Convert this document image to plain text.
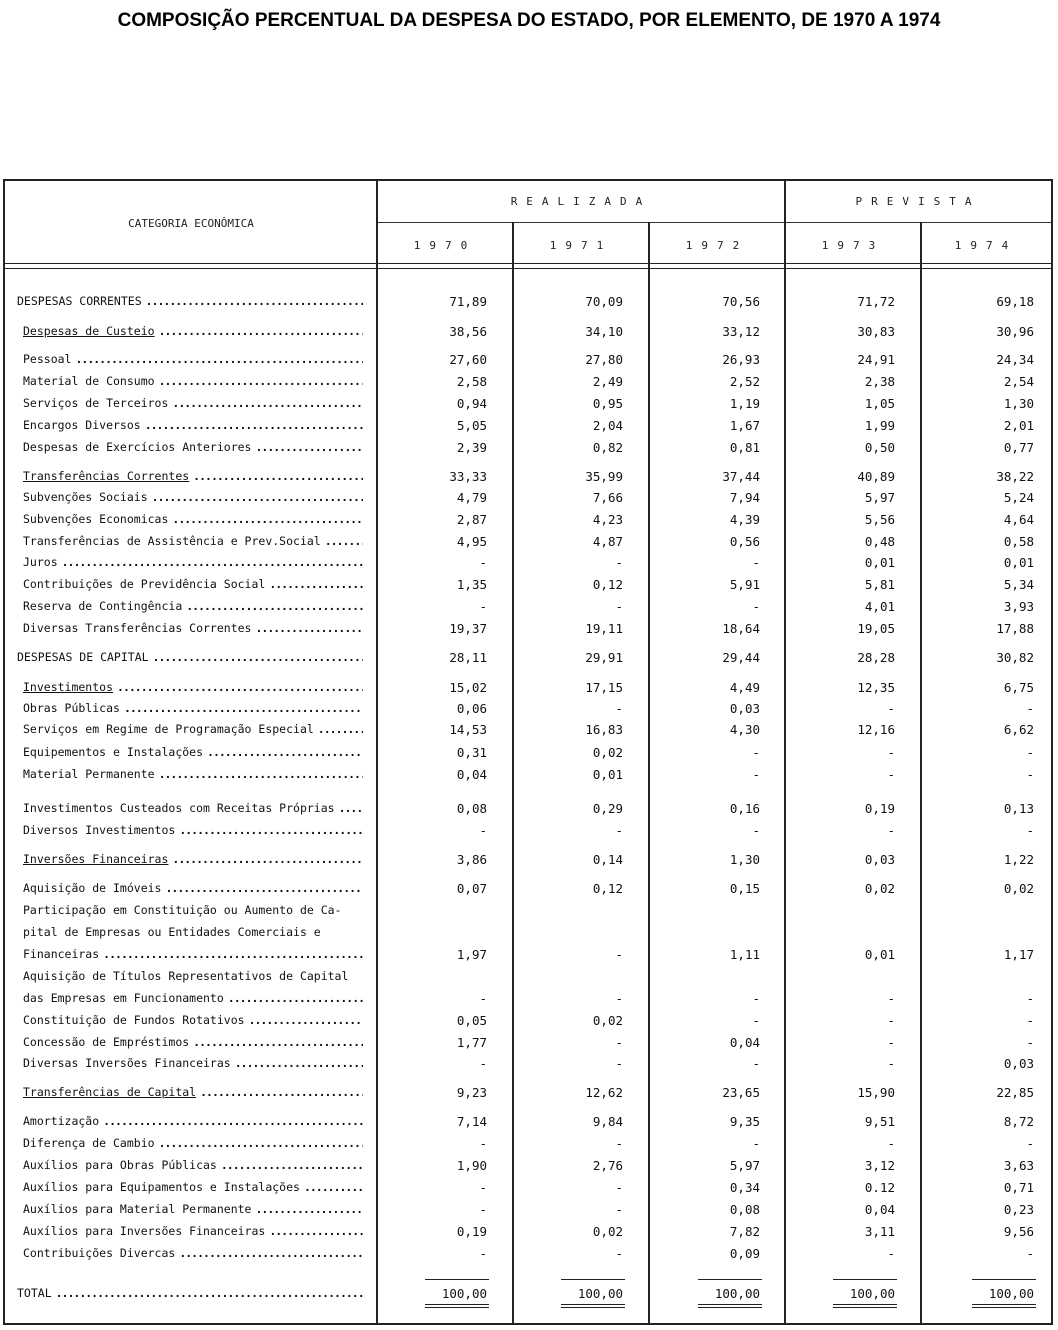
COMPOSIÇÃO PERCENTUAL DA DESPESA DO ESTADO, POR ELEMENTO, DE 1970 A 1974
CATEGORIA ECONÔMICA
REALIZADA	PREVISTA
1970	1971	1972	1973	1974
DESPESAS CORRENTES .....	71,89	70,09	70,56	71,72	69,18
Despesas de Custeio .....	38,56	34,10	33,12	30,83	30,96
Pessoal .....	27,60	27,80	26,93	24,91	24,34
Material de Consumo .....	2,58	2,49	2,52	2,38	2,54
Serviços de Terceiros .....	0,94	0,95	1,19	1,05	1,30
Encargos Diversos .....	5,05	2,04	1,67	1,99	2,01
Despesas de Exercícios Anteriores .....	2,39	0,82	0,81	0,50	0,77
Transferências Correntes .....	33,33	35,99	37,44	40,89	38,22
Subvenções Sociais .....	4,79	7,66	7,94	5,97	5,24
Subvenções Economicas .....	2,87	4,23	4,39	5,56	4,64
Transferências de Assistência e Prev.Social .....	4,95	4,87	0,56	0,48	0,58
Juros .....	-	-	-	0,01	0,01
Contribuições de Previdência Social .....	1,35	0,12	5,91	5,81	5,34
Reserva de Contingência .....	-	-	-	4,01	3,93
Diversas Transferências Correntes .....	19,37	19,11	18,64	19,05	17,88
DESPESAS DE CAPITAL .....	28,11	29,91	29,44	28,28	30,82
Investimentos .....	15,02	17,15	4,49	12,35	6,75
Obras Públicas .....	0,06	-	0,03	-	-
Serviços em Regime de Programação Especial .....	14,53	16,83	4,30	12,16	6,62
Equipementos e Instalações .....	0,31	0,02	-	-	-
Material Permanente .....	0,04	0,01	-	-	-
Investimentos Custeados com Receitas Próprias .....	0,08	0,29	0,16	0,19	0,13
Diversos Investimentos .....	-	-	-	-	-
Inversões Financeiras .....	3,86	0,14	1,30	0,03	1,22
Aquisição de Imóveis .....	0,07	0,12	0,15	0,02	0,02
Participação em Constituição ou Aumento de Ca-
pital de Empresas ou Entidades Comerciais e
Financeiras .....	1,97	-	1,11	0,01	1,17
Aquisição de Títulos Representativos de Capital
das Empresas em Funcionamento .....	-	-	-	-	-
Constituição de Fundos Rotativos .....	0,05	0,02	-	-	-
Concessão de Empréstimos .....	1,77	-	0,04	-	-
Diversas Inversões Financeiras .....	-	-	-	-	0,03
Transferências de Capital .....	9,23	12,62	23,65	15,90	22,85
Amortização .....	7,14	9,84	9,35	9,51	8,72
Diferença de Cambio .....	-	-	-	-	-
Auxílios para Obras Públicas .....	1,90	2,76	5,97	3,12	3,63
Auxílios para Equipamentos e Instalações .....	-	-	0,34	0.12	0,71
Auxílios para Material Permanente .....	-	-	0,08	0,04	0,23
Auxílios para Inversões Financeiras .....	0,19	0,02	7,82	3,11	9,56
Contribuições Divercas .....	-	-	0,09	-	-
TOTAL .....	100,00	100,00	100,00	100,00	100,00
